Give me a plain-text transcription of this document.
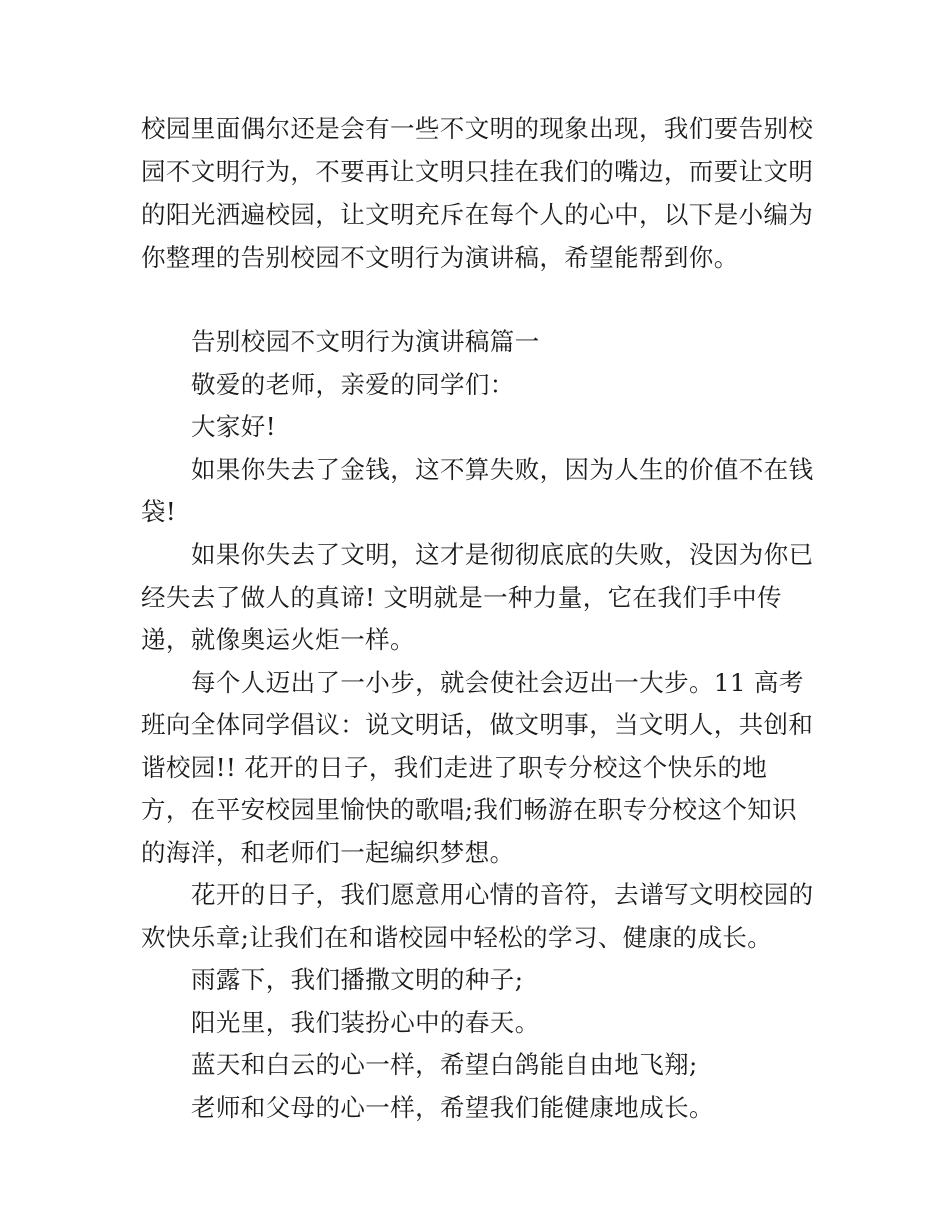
校园里面偶尔还是会有一些不文明的现象出现，我们要告别校
园不文明行为，不要再让文明只挂在我们的嘴边，而要让文明
的阳光洒遍校园，让文明充斥在每个人的心中，以下是小编为
你整理的告别校园不文明行为演讲稿，希望能帮到你。
告别校园不文明行为演讲稿篇一
敬爱的老师，亲爱的同学们：
大家好!
如果你失去了金钱，这不算失败，因为人生的价值不在钱
袋!
如果你失去了文明，这才是彻彻底底的失败，没因为你已
经失去了做人的真谛! 文明就是一种力量，它在我们手中传
递，就像奥运火炬一样。
每个人迈出了一小步，就会使社会迈出一大步。11 高考
班向全体同学倡议：说文明话，做文明事，当文明人，共创和
谐校园!! 花开的日子，我们走进了职专分校这个快乐的地
方，在平安校园里愉快的歌唱;我们畅游在职专分校这个知识
的海洋，和老师们一起编织梦想。
花开的日子，我们愿意用心情的音符，去谱写文明校园的
欢快乐章;让我们在和谐校园中轻松的学习、健康的成长。
雨露下，我们播撒文明的种子;
阳光里，我们装扮心中的春天。
蓝天和白云的心一样，希望白鸽能自由地飞翔;
老师和父母的心一样，希望我们能健康地成长。
